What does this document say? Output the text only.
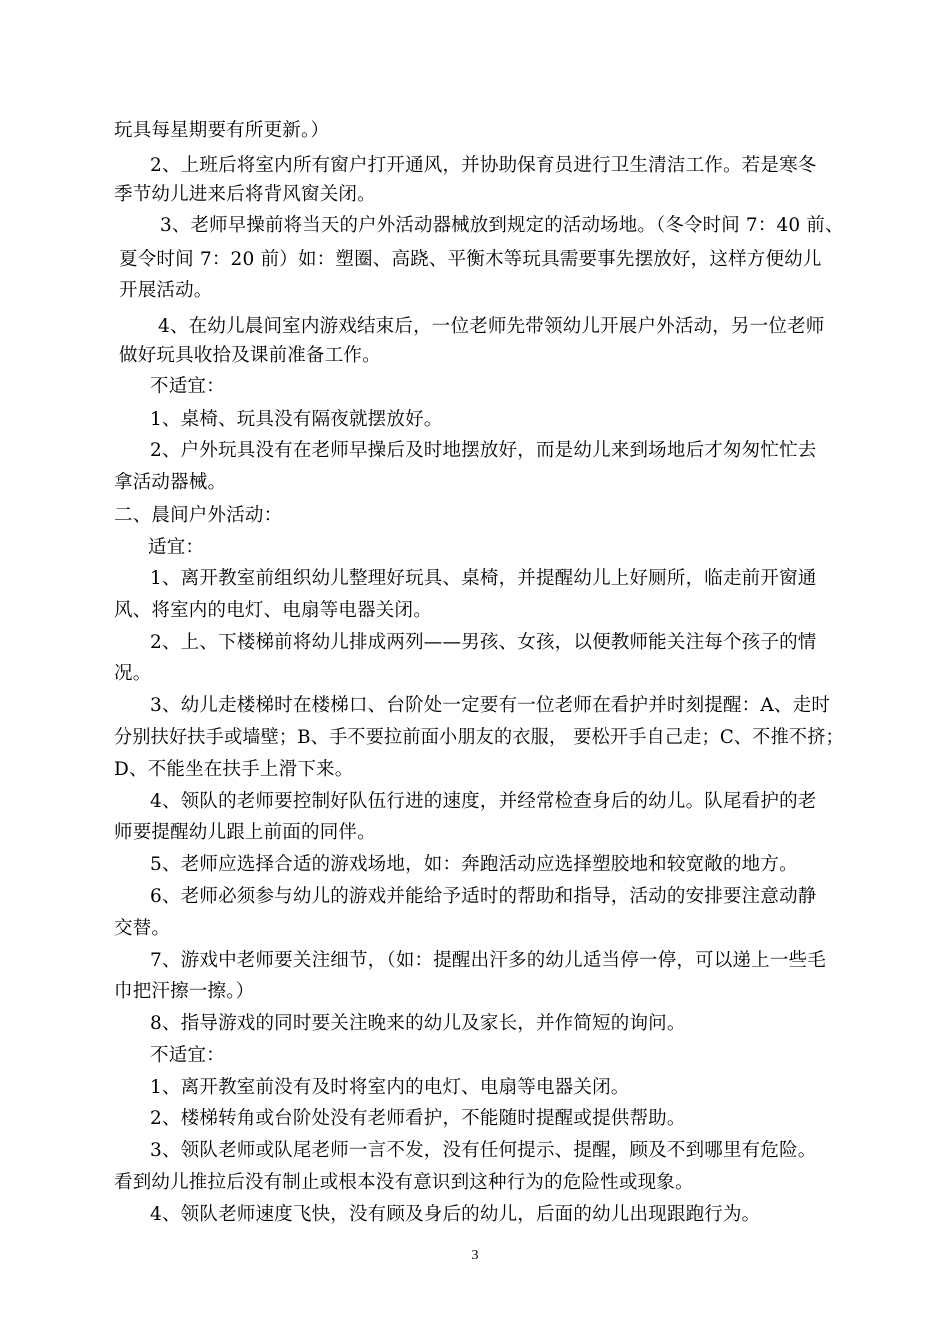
玩具每星期要有所更新。）
2、上班后将室内所有窗户打开通风，并协助保育员进行卫生清洁工作。若是寒冬
季节幼儿进来后将背风窗关闭。
3、老师早操前将当天的户外活动器械放到规定的活动场地。（冬令时间 7：40 前、
夏令时间 7：20 前）如：塑圈、高跷、平衡木等玩具需要事先摆放好，这样方便幼儿
开展活动。
4、在幼儿晨间室内游戏结束后，一位老师先带领幼儿开展户外活动，另一位老师
做好玩具收拾及课前准备工作。
不适宜：
1、桌椅、玩具没有隔夜就摆放好。
2、户外玩具没有在老师早操后及时地摆放好，而是幼儿来到场地后才匆匆忙忙去
拿活动器械。
二、晨间户外活动：
适宜：
1、离开教室前组织幼儿整理好玩具、桌椅，并提醒幼儿上好厕所，临走前开窗通
风、将室内的电灯、电扇等电器关闭。
2、上、下楼梯前将幼儿排成两列——男孩、女孩，以便教师能关注每个孩子的情
况。
3、幼儿走楼梯时在楼梯口、台阶处一定要有一位老师在看护并时刻提醒：A、走时
分别扶好扶手或墙壁；B、手不要拉前面小朋友的衣服， 要松开手自己走；C、不推不挤；
D、不能坐在扶手上滑下来。
4、领队的老师要控制好队伍行进的速度，并经常检查身后的幼儿。队尾看护的老
师要提醒幼儿跟上前面的同伴。
5、老师应选择合适的游戏场地，如：奔跑活动应选择塑胶地和较宽敞的地方。
6、老师必须参与幼儿的游戏并能给予适时的帮助和指导，活动的安排要注意动静
交替。
7、游戏中老师要关注细节，（如：提醒出汗多的幼儿适当停一停，可以递上一些毛
巾把汗擦一擦。）
8、指导游戏的同时要关注晚来的幼儿及家长，并作简短的询问。
不适宜：
1、离开教室前没有及时将室内的电灯、电扇等电器关闭。
2、楼梯转角或台阶处没有老师看护，不能随时提醒或提供帮助。
3、领队老师或队尾老师一言不发，没有任何提示、提醒，顾及不到哪里有危险。
看到幼儿推拉后没有制止或根本没有意识到这种行为的危险性或现象。
4、领队老师速度飞快，没有顾及身后的幼儿，后面的幼儿出现跟跑行为。
3
